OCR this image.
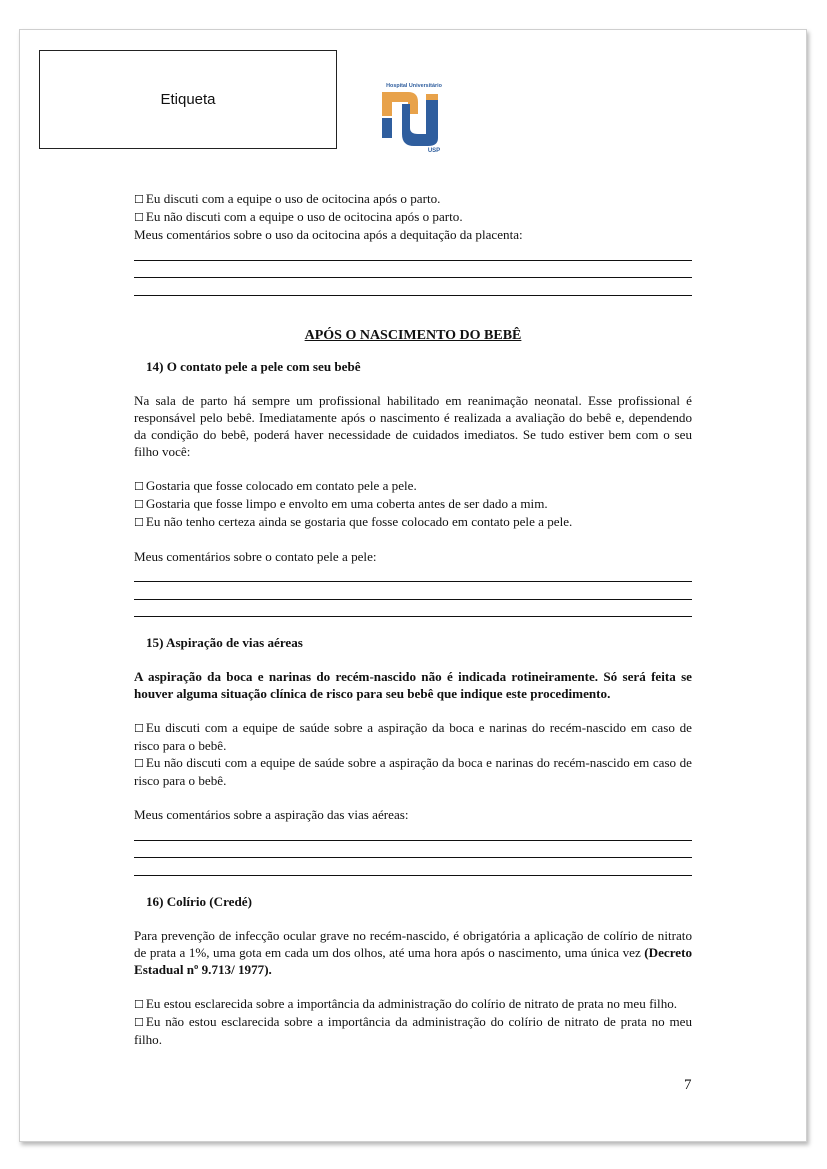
Etiqueta
Hospital Universitário
USP

☐ Eu discuti com a equipe o uso de ocitocina após o parto.

☐ Eu não discuti com a equipe o uso de ocitocina após o parto.

Meus comentários sobre o uso da ocitocina após a dequitação da placenta:

APÓS O NASCIMENTO DO BEBÊ

14) O contato pele a pele com seu bebê

Na sala de parto há sempre um profissional habilitado em reanimação neonatal. Esse profissional é responsável pelo bebê. Imediatamente após o nascimento é realizada a avaliação do bebê e, dependendo da condição do bebê, poderá haver necessidade de cuidados imediatos. Se tudo estiver bem com o seu filho você:

☐ Gostaria que fosse colocado em contato pele a pele.

☐ Gostaria que fosse limpo e envolto em uma coberta antes de ser dado a mim.

☐ Eu não tenho certeza ainda se gostaria que fosse colocado em contato pele a pele.

Meus comentários sobre o contato pele a pele:

15) Aspiração de vias aéreas

A aspiração da boca e narinas do recém-nascido não é indicada rotineiramente. Só será feita se houver alguma situação clínica de risco para seu bebê que indique este procedimento.

☐ Eu discuti com a equipe de saúde sobre a aspiração da boca e narinas do recém-nascido em caso de risco para o bebê.

☐ Eu não discuti com a equipe de saúde sobre a aspiração da boca e narinas do recém-nascido em caso de risco para o bebê.

Meus comentários sobre a aspiração das vias aéreas:

16) Colírio (Credé)

Para prevenção de infecção ocular grave no recém-nascido, é obrigatória a aplicação de colírio de nitrato de prata a 1%, uma gota em cada um dos olhos, até uma hora após o nascimento, uma única vez (Decreto Estadual nº 9.713/ 1977).

☐ Eu estou esclarecida sobre a importância da administração do colírio de nitrato de prata no meu filho.

☐ Eu não estou esclarecida sobre a importância da administração do colírio de nitrato de prata no meu filho.

7
